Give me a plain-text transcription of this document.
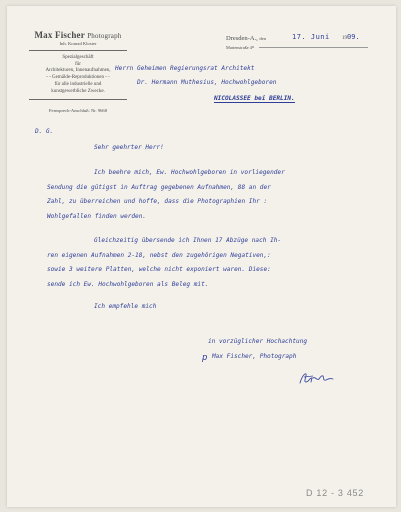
Max Fischer Photograph
Inh. Konrad Kloster
Spezialgeschäft
für
Architekturen, Innenaufnahmen,
- - Gemälde-Reproduktionen - -
für alle industrielle und
kunstgewerbliche Zwecke.
Fernsprech-Anschluß: Nr. 9668
Dresden-A., den	17. Juni 1909.
Marienstraße 4¹¹
Herrn Geheimen Regierungsrat Architekt
Dr. Hermann Muthesius, Hochwohlgeboren
NICOLASSEE bei BERLIN.
~
D. G.
Sehr geehrter Herr!
Ich beehre mich, Ew. Hochwohlgeboren in vorliegender
Sendung die gütigst in Auftrag gegebenen Aufnahmen, 88 an der
Zahl, zu überreichen und hoffe, dass die Photographien Ihr :
Wohlgefallen finden werden.
Gleichzeitig übersende ich Ihnen 17 Abzüge nach Ih-
ren eigenen Aufnahmen 2-18, nebst den zugehörigen Negativen,:
sowie 3 weitere Platten, welche nicht exponiert waren. Diese:
sende ich Ew. Hochwohlgeboren als Beleg mit.
Ich empfehle mich
in vorzüglicher Hochachtung
p Max Fischer, Photograph
D 12 - 3 452
